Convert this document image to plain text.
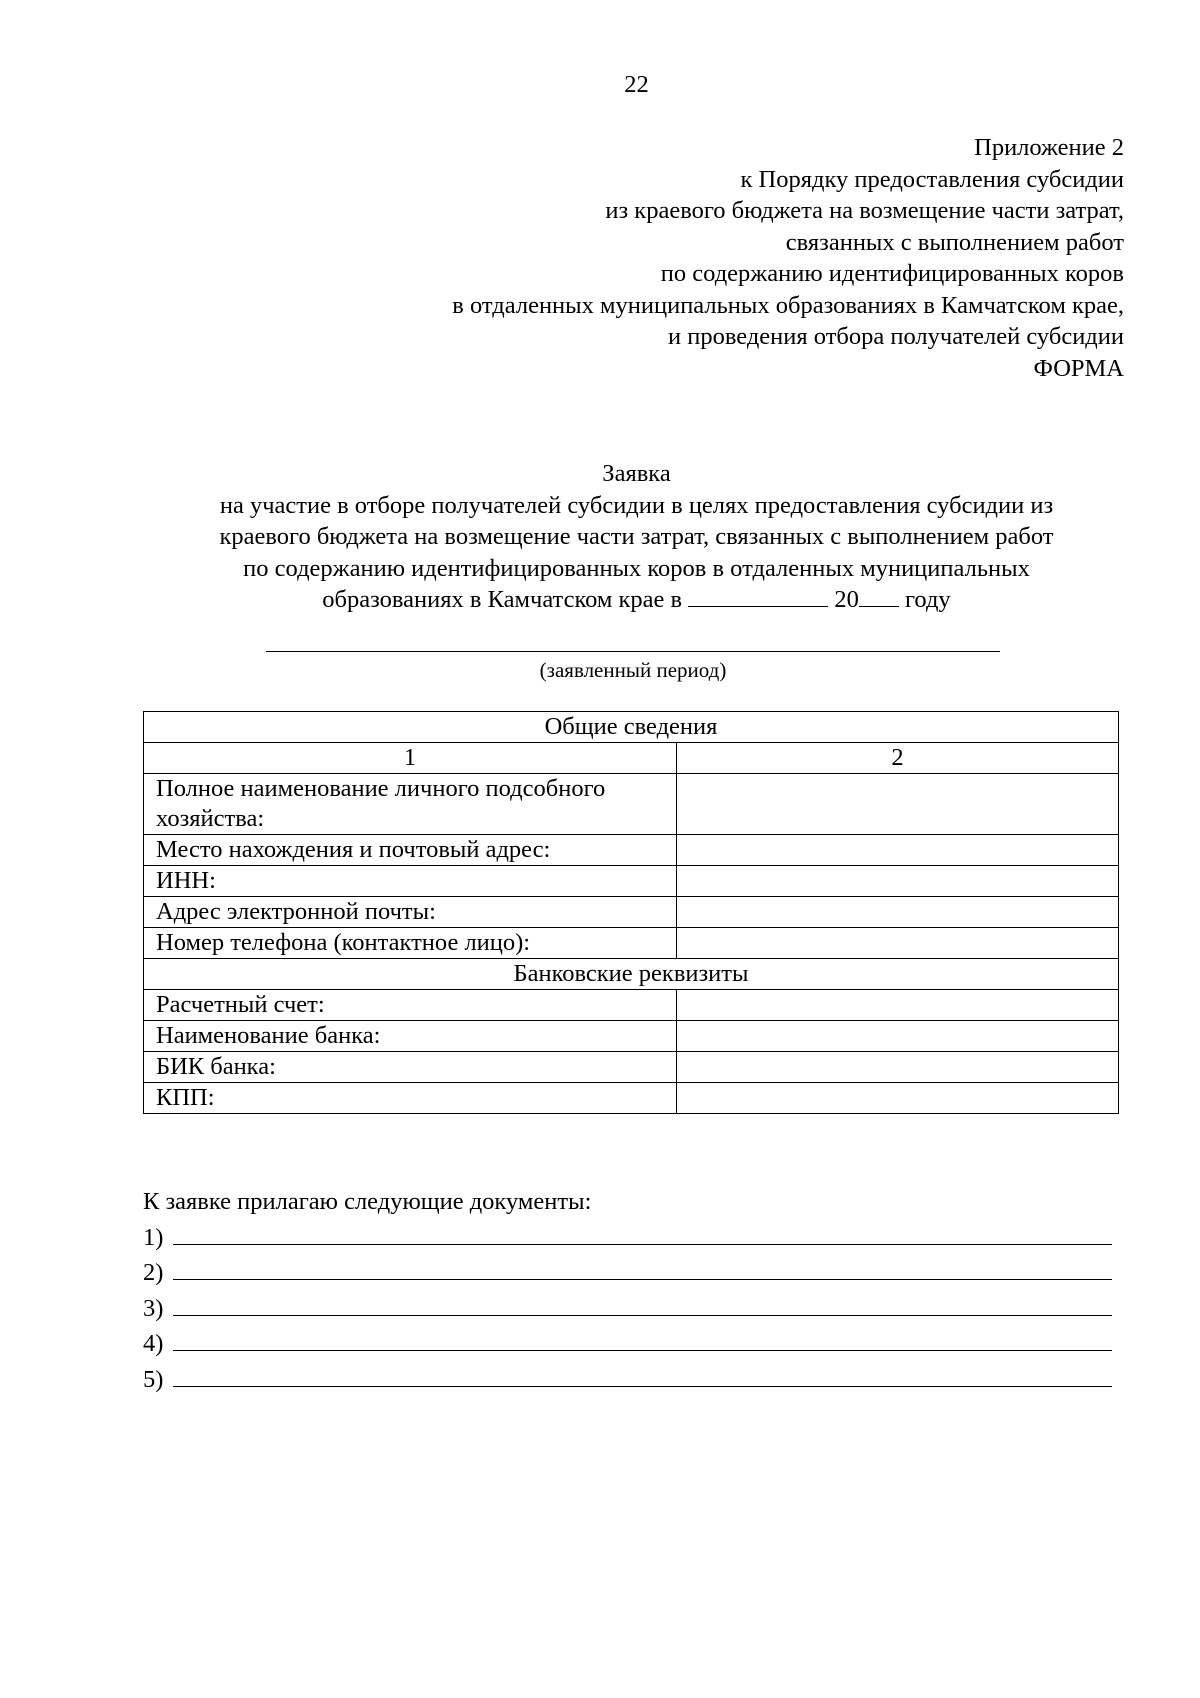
22
Приложение 2
к Порядку предоставления субсидии
из краевого бюджета на возмещение части затрат,
связанных с выполнением работ
по содержанию идентифицированных коров
в отдаленных муниципальных образованиях в Камчатском крае,
и проведения отбора получателей субсидии
ФОРМА
Заявка
на участие в отборе получателей субсидии в целях предоставления субсидии из
краевого бюджета на возмещение части затрат, связанных с выполнением работ
по содержанию идентифицированных коров в отдаленных муниципальных
образованиях в Камчатском крае в	20 году
(заявленный период)
Общие сведения	
1	2
Полное наименование личного подсобного хозяйства:	
Место нахождения и почтовый адрес:	
ИНН:	
Адрес электронной почты:	
Номер телефона (контактное лицо):	
Банковские реквизиты	
Расчетный счет:	
Наименование банка:	
БИК банка:	
КПП:	
К заявке прилагаю следующие документы:
1)
2)
3)
4)
5)
